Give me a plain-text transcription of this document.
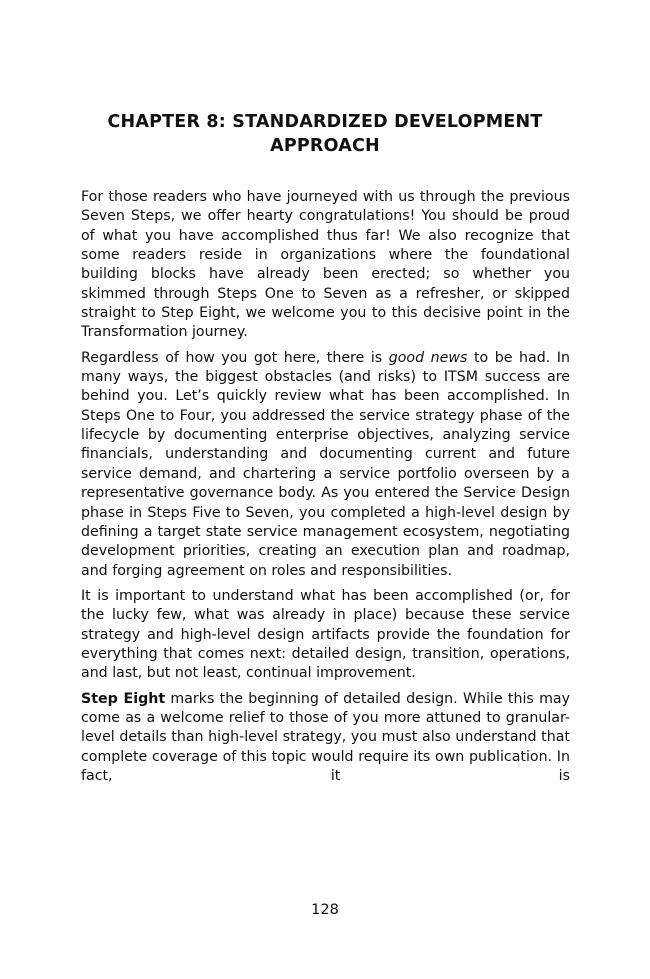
CHAPTER 8: STANDARDIZED DEVELOPMENT
APPROACH

For those readers who have journeyed with us through the previous Seven Steps, we offer hearty congratulations! You should be proud of what you have accomplished thus far! We also recognize that some readers reside in organizations where the foundational building blocks have already been erected; so whether you skimmed through Steps One to Seven as a refresher, or skipped straight to Step Eight, we welcome you to this decisive point in the Transformation journey.

Regardless of how you got here, there is good news to be had. In many ways, the biggest obstacles (and risks) to ITSM success are behind you. Let’s quickly review what has been accomplished. In Steps One to Four, you addressed the service strategy phase of the lifecycle by documenting enterprise objectives, analyzing service financials, understanding and documenting current and future service demand, and chartering a service portfolio overseen by a representative governance body. As you entered the Service Design phase in Steps Five to Seven, you completed a high-level design by defining a target state service management ecosystem, negotiating development priorities, creating an execution plan and roadmap, and forging agreement on roles and responsibilities.

It is important to understand what has been accomplished (or, for the lucky few, what was already in place) because these service strategy and high-level design artifacts provide the foundation for everything that comes next: detailed design, transition, operations, and last, but not least, continual improvement.

Step Eight marks the beginning of detailed design. While this may come as a welcome relief to those of you more attuned to granular-level details than high-level strategy, you must also understand that complete coverage of this topic would require its own publication. In fact, it is

128
